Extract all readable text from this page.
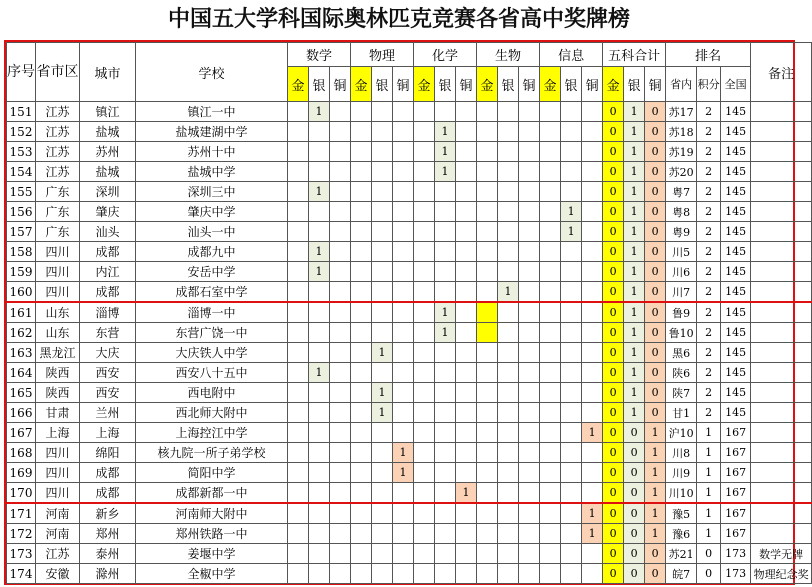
中国五大学科国际奥林匹克竞赛各省高中奖牌榜
序号	省市区	城市	学校	数学			物理			化学			生物			信息			五科合计			排名			备注
				金	银	铜	金	银	铜	金	银	铜	金	银	铜	金	银	铜	金	银	铜	省内	积分	全国	
151	江苏	镇江	镇江一中		1														0	1	0	苏17	2	145	
152	江苏	盐城	盐城建湖中学								1								0	1	0	苏18	2	145	
153	江苏	苏州	苏州十中								1								0	1	0	苏19	2	145	
154	江苏	盐城	盐城中学								1								0	1	0	苏20	2	145	
155	广东	深圳	深圳三中		1														0	1	0	粤7	2	145	
156	广东	肇庆	肇庆中学														1		0	1	0	粤8	2	145	
157	广东	汕头	汕头一中														1		0	1	0	粤9	2	145	
158	四川	成都	成都九中		1														0	1	0	川5	2	145	
159	四川	内江	安岳中学		1														0	1	0	川6	2	145	
160	四川	成都	成都石室中学											1					0	1	0	川7	2	145	
161	山东	淄博	淄博一中								1								0	1	0	鲁9	2	145	
162	山东	东营	东营广饶一中								1								0	1	0	鲁10	2	145	
163	黑龙江	大庆	大庆铁人中学					1											0	1	0	黑6	2	145	
164	陕西	西安	西安八十五中		1														0	1	0	陕6	2	145	
165	陕西	西安	西电附中					1											0	1	0	陕7	2	145	
166	甘肃	兰州	西北师大附中					1											0	1	0	甘1	2	145	
167	上海	上海	上海控江中学															1	0	0	1	沪10	1	167	
168	四川	绵阳	核九院一所子弟学校						1										0	0	1	川8	1	167	
169	四川	成都	简阳中学						1										0	0	1	川9	1	167	
170	四川	成都	成都新都一中									1							0	0	1	川10	1	167	
171	河南	新乡	河南师大附中															1	0	0	1	豫5	1	167	
172	河南	郑州	郑州铁路一中															1	0	0	1	豫6	1	167	
173	江苏	泰州	姜堰中学																0	0	0	苏21	0	173	数学无牌
174	安徽	滁州	全椒中学																0	0	0	皖7	0	173	物理纪念奖
